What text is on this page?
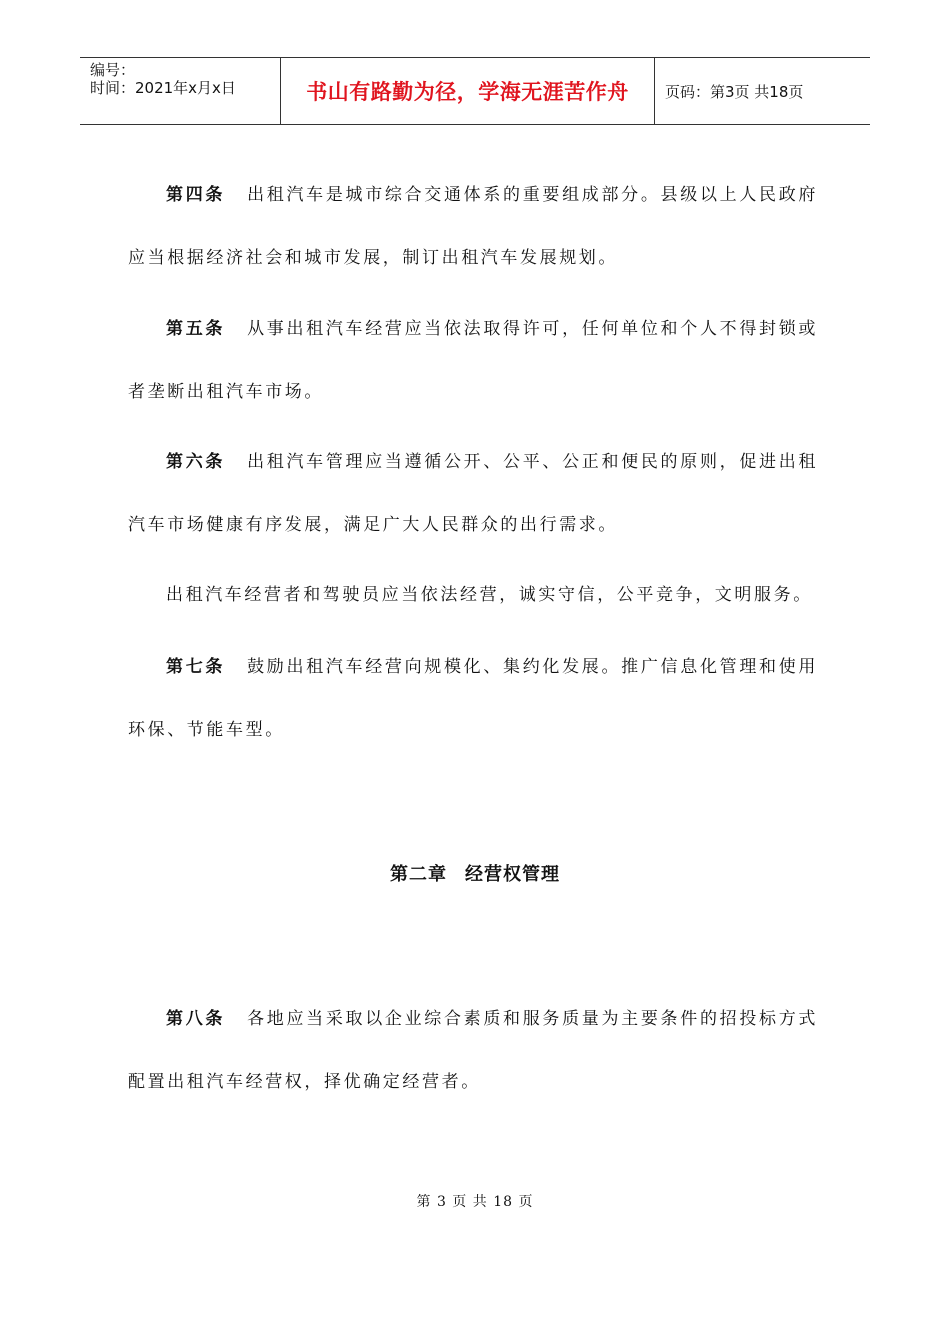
编号：
时间：2021年x月x日	书山有路勤为径，学海无涯苦作舟	页码：第3页 共18页

第四条 出租汽车是城市综合交通体系的重要组成部分。县级以上人民政府应当根据经济社会和城市发展，制订出租汽车发展规划。

第五条 从事出租汽车经营应当依法取得许可，任何单位和个人不得封锁或者垄断出租汽车市场。

第六条 出租汽车管理应当遵循公开、公平、公正和便民的原则，促进出租汽车市场健康有序发展，满足广大人民群众的出行需求。

出租汽车经营者和驾驶员应当依法经营，诚实守信，公平竞争，文明服务。

第七条 鼓励出租汽车经营向规模化、集约化发展。推广信息化管理和使用环保、节能车型。

第二章 经营权管理

第八条 各地应当采取以企业综合素质和服务质量为主要条件的招投标方式配置出租汽车经营权，择优确定经营者。

第 3 页 共 18 页
